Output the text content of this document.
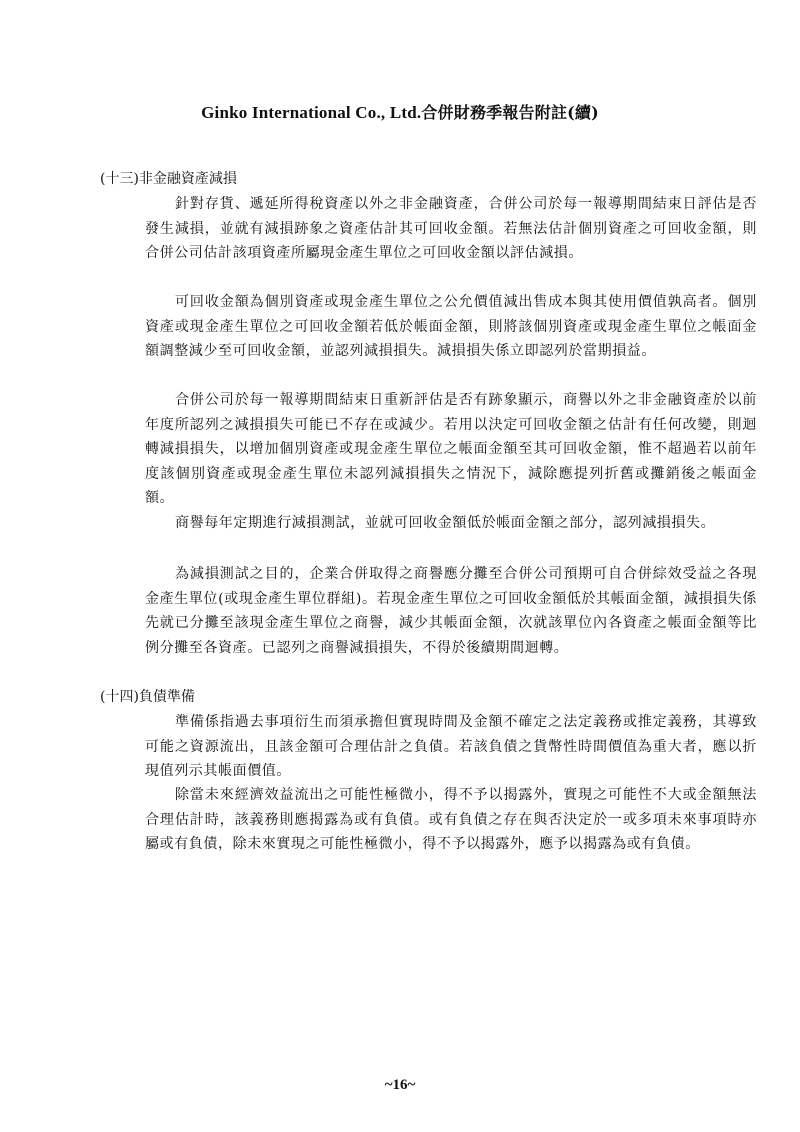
Ginko International Co., Ltd.合併財務季報告附註(續)
(十三)非金融資產減損
針對存貨、遞延所得稅資產以外之非金融資產，合併公司於每一報導期間結束日評估是否發生減損，並就有減損跡象之資產估計其可回收金額。若無法估計個別資產之可回收金額，則合併公司估計該項資產所屬現金產生單位之可回收金額以評估減損。
可回收金額為個別資產或現金產生單位之公允價值減出售成本與其使用價值孰高者。個別資產或現金產生單位之可回收金額若低於帳面金額，則將該個別資產或現金產生單位之帳面金額調整減少至可回收金額，並認列減損損失。減損損失係立即認列於當期損益。
合併公司於每一報導期間結束日重新評估是否有跡象顯示，商譽以外之非金融資產於以前年度所認列之減損損失可能已不存在或減少。若用以決定可回收金額之估計有任何改變，則迴轉減損損失，以增加個別資產或現金產生單位之帳面金額至其可回收金額，惟不超過若以前年度該個別資產或現金產生單位未認列減損損失之情況下，減除應提列折舊或攤銷後之帳面金額。
商譽每年定期進行減損測試，並就可回收金額低於帳面金額之部分，認列減損損失。
為減損測試之目的，企業合併取得之商譽應分攤至合併公司預期可自合併綜效受益之各現金產生單位(或現金產生單位群組)。若現金產生單位之可回收金額低於其帳面金額，減損損失係先就已分攤至該現金產生單位之商譽，減少其帳面金額，次就該單位內各資產之帳面金額等比例分攤至各資產。已認列之商譽減損損失，不得於後續期間迴轉。
(十四)負債準備
準備係指過去事項衍生而須承擔但實現時間及金額不確定之法定義務或推定義務，其導致可能之資源流出，且該金額可合理估計之負債。若該負債之貨幣性時間價值為重大者，應以折現值列示其帳面價值。
除當未來經濟效益流出之可能性極微小，得不予以揭露外，實現之可能性不大或金額無法合理估計時，該義務則應揭露為或有負債。或有負債之存在與否決定於一或多項未來事項時亦屬或有負債，除未來實現之可能性極微小，得不予以揭露外，應予以揭露為或有負債。
~16~
